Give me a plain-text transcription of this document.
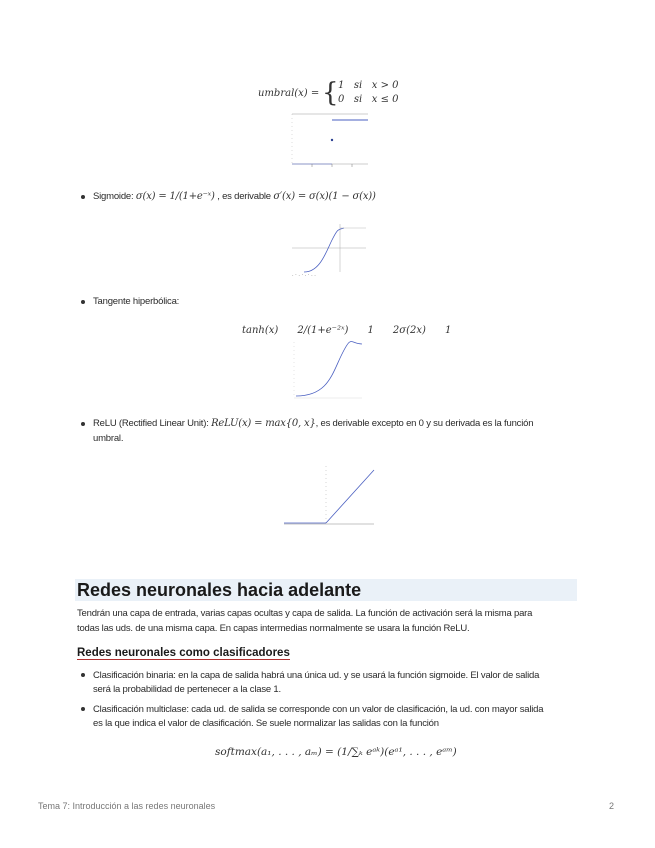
umbral(x) = { 1   si   x > 0
0   si   x ≤ 0
Sigmoide: σ(x) = 1/(1+e⁻ˣ) , es derivable σ′(x) = σ(x)(1 − σ(x))
. · . · . · . .
Tangente hiperbólica:
tanh(x)      2/(1+e⁻²ˣ)      1      2σ(2x)      1
ReLU (Rectified Linear Unit): ReLU(x) = max{0, x}, es derivable excepto en 0 y su derivada es la función
umbral.
Redes neuronales hacia adelante
Tendrán una capa de entrada, varias capas ocultas y capa de salida. La función de activación será la misma para
todas las uds. de una misma capa. En capas intermedias normalmente se usara la función ReLU.
Redes neuronales como clasificadores
Clasificación binaria: en la capa de salida habrá una única ud. y se usará la función sigmoide. El valor de salida
será la probabilidad de pertenecer a la clase 1.
Clasificación multiclase: cada ud. de salida se corresponde con un valor de clasificación, la ud. con mayor salida
es la que indica el valor de clasificación. Se suele normalizar las salidas con la función
softmax(a₁, . . . , aₘ) = (1/∑ₖ eᵃᵏ)(eᵃ¹, . . . , eᵃᵐ)
Tema 7: Introducción a las redes neuronales	2
